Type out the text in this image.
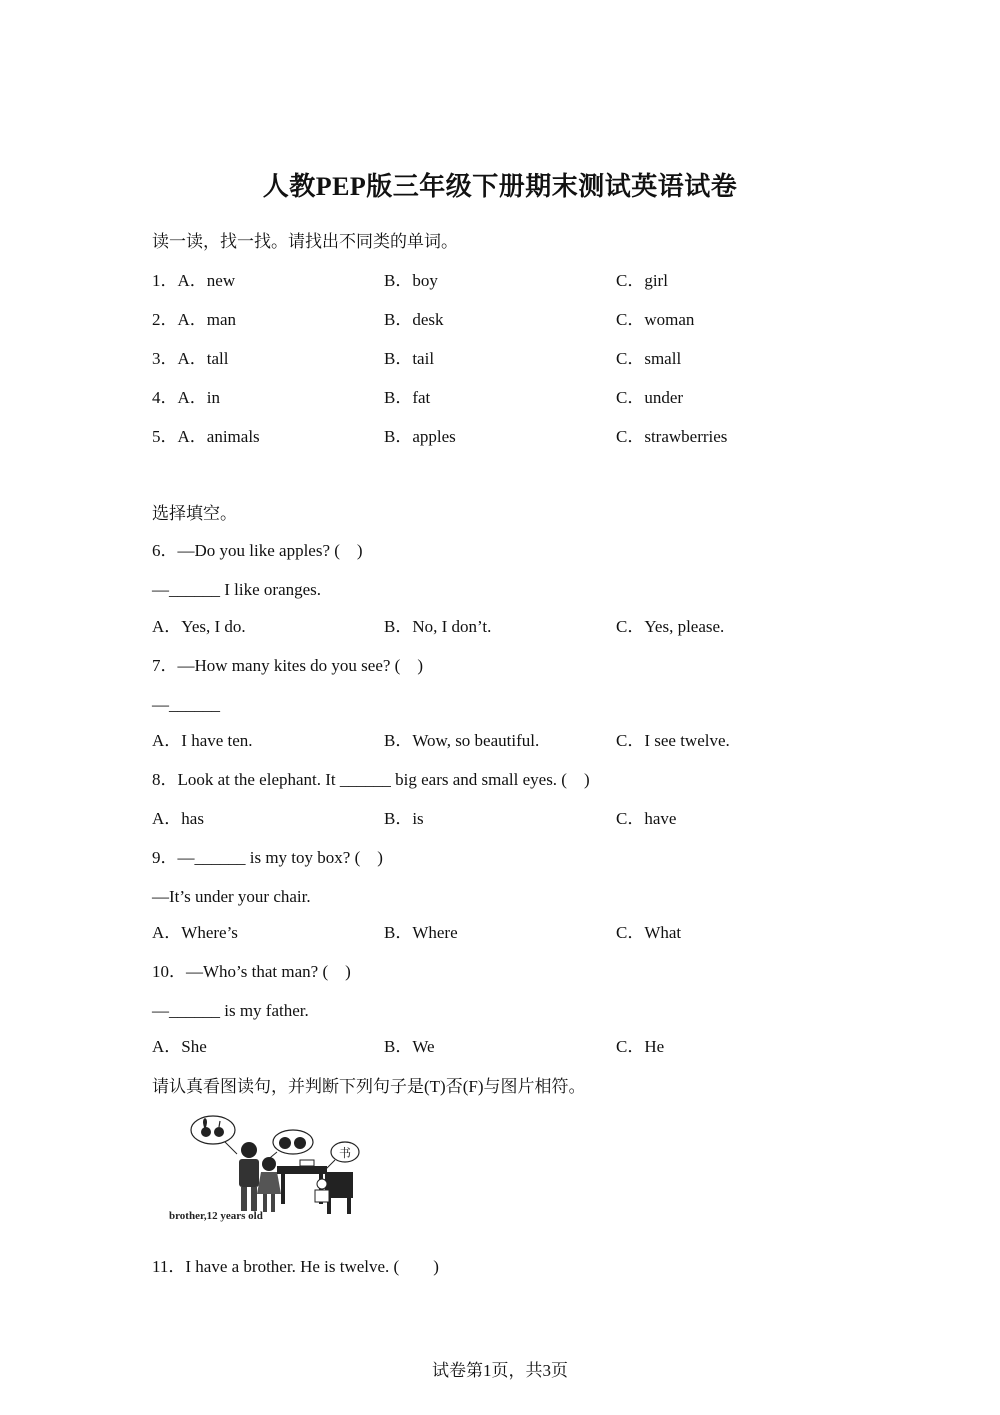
人教PEP版三年级下册期末测试英语试卷
读一读，找一找。请找出不同类的单词。
1．A．new	B．boy	C．girl
2．A．man	B．desk	C．woman
3．A．tall	B．tail	C．small
4．A．in	B．fat	C．under
5．A．animals	B．apples	C．strawberries
选择填空。
6．—Do you like apples? (　)
—______ I like oranges.
A．Yes, I do.	B．No, I don’t.	C．Yes, please.
7．—How many kites do you see? (　)
—______
A．I have ten.	B．Wow, so beautiful.	C．I see twelve.
8．Look at the elephant. It ______ big ears and small eyes. (　)
A．has	B．is	C．have
9．—______ is my toy box? (　)
—It’s under your chair.
A．Where’s	B．Where	C．What
10．—Who’s that man? (　)
—______ is my father.
A．She	B．We	C．He
请认真看图读句，并判断下列句子是(T)否(F)与图片相符。
书
brother,12 years old
11．I have a brother. He is twelve. (　　)
试卷第1页，共3页
